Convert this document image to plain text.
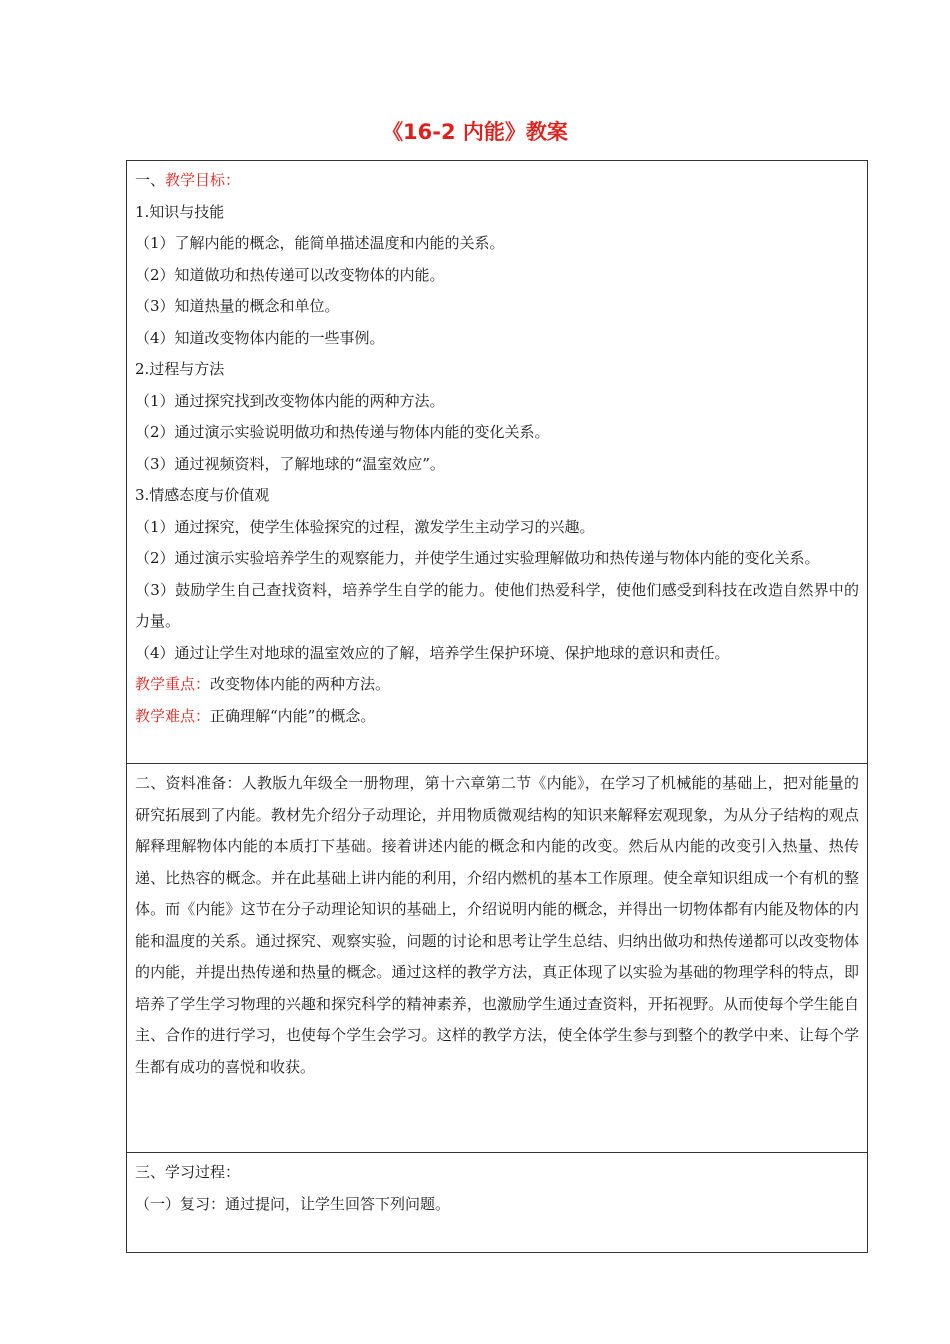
《16-2 内能》教案

一、教学目标：

1.知识与技能

（1）了解内能的概念，能简单描述温度和内能的关系。

（2）知道做功和热传递可以改变物体的内能。

（3）知道热量的概念和单位。

（4）知道改变物体内能的一些事例。

2.过程与方法

（1）通过探究找到改变物体内能的两种方法。

（2）通过演示实验说明做功和热传递与物体内能的变化关系。

（3）通过视频资料，了解地球的“温室效应”。

3.情感态度与价值观

（1）通过探究，使学生体验探究的过程，激发学生主动学习的兴趣。

（2）通过演示实验培养学生的观察能力，并使学生通过实验理解做功和热传递与物体内能的变化关系。

（3）鼓励学生自己查找资料，培养学生自学的能力。使他们热爱科学，使他们感受到科技在改造自然界中的力量。

（4）通过让学生对地球的温室效应的了解，培养学生保护环境、保护地球的意识和责任。

教学重点：改变物体内能的两种方法。

教学难点：正确理解“内能”的概念。

二、资料准备：人教版九年级全一册物理，第十六章第二节《内能》，在学习了机械能的基础上，把对能量的研究拓展到了内能。教材先介绍分子动理论，并用物质微观结构的知识来解释宏观现象，为从分子结构的观点解释理解物体内能的本质打下基础。接着讲述内能的概念和内能的改变。然后从内能的改变引入热量、热传递、比热容的概念。并在此基础上讲内能的利用，介绍内燃机的基本工作原理。使全章知识组成一个有机的整体。而《内能》这节在分子动理论知识的基础上，介绍说明内能的概念，并得出一切物体都有内能及物体的内能和温度的关系。通过探究、观察实验，问题的讨论和思考让学生总结、归纳出做功和热传递都可以改变物体的内能，并提出热传递和热量的概念。通过这样的教学方法，真正体现了以实验为基础的物理学科的特点，即培养了学生学习物理的兴趣和探究科学的精神素养，也激励学生通过查资料，开拓视野。从而使每个学生能自主、合作的进行学习，也使每个学生会学习。这样的教学方法，使全体学生参与到整个的教学中来、让每个学生都有成功的喜悦和收获。

三、学习过程：

（一）复习：通过提问，让学生回答下列问题。
